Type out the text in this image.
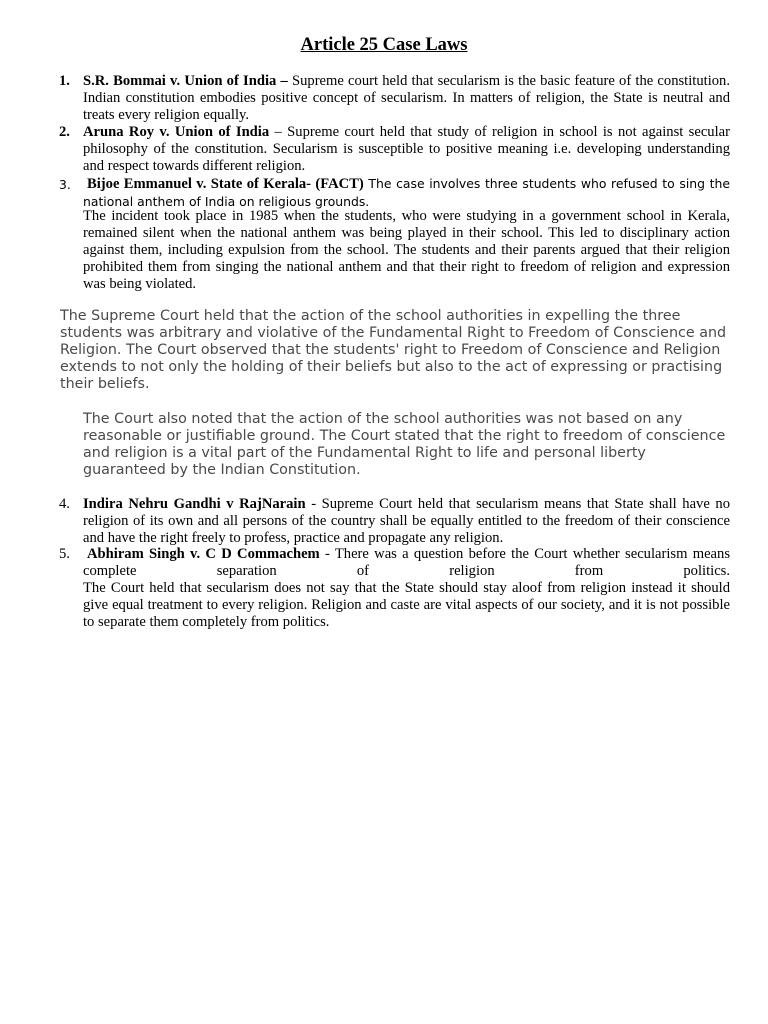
Article 25 Case Laws
1. S.R. Bommai v. Union of India – Supreme court held that secularism is the basic feature of the constitution. Indian constitution embodies positive concept of secularism. In matters of religion, the State is neutral and treats every religion equally.
2. Aruna Roy v. Union of India – Supreme court held that study of religion in school is not against secular philosophy of the constitution. Secularism is susceptible to positive meaning i.e. developing understanding and respect towards different religion.
3. Bijoe Emmanuel v. State of Kerala- (FACT) The case involves three students who refused to sing the national anthem of India on religious grounds.
The incident took place in 1985 when the students, who were studying in a government school in Kerala, remained silent when the national anthem was being played in their school. This led to disciplinary action against them, including expulsion from the school. The students and their parents argued that their religion prohibited them from singing the national anthem and that their right to freedom of religion and expression was being violated.

The Supreme Court held that the action of the school authorities in expelling the three students was arbitrary and violative of the Fundamental Right to Freedom of Conscience and Religion. The Court observed that the students' right to Freedom of Conscience and Religion extends to not only the holding of their beliefs but also to the act of expressing or practising their beliefs.

The Court also noted that the action of the school authorities was not based on any reasonable or justifiable ground. The Court stated that the right to freedom of conscience and religion is a vital part of the Fundamental Right to life and personal liberty guaranteed by the Indian Constitution.

4. Indira Nehru Gandhi v RajNarain - Supreme Court held that secularism means that State shall have no religion of its own and all persons of the country shall be equally entitled to the freedom of their conscience and have the right freely to profess, practice and propagate any religion.
5. Abhiram Singh v. C D Commachem - There was a question before the Court whether secularism means complete separation of religion from politics.
The Court held that secularism does not say that the State should stay aloof from religion instead it should give equal treatment to every religion. Religion and caste are vital aspects of our society, and it is not possible to separate them completely from politics.
